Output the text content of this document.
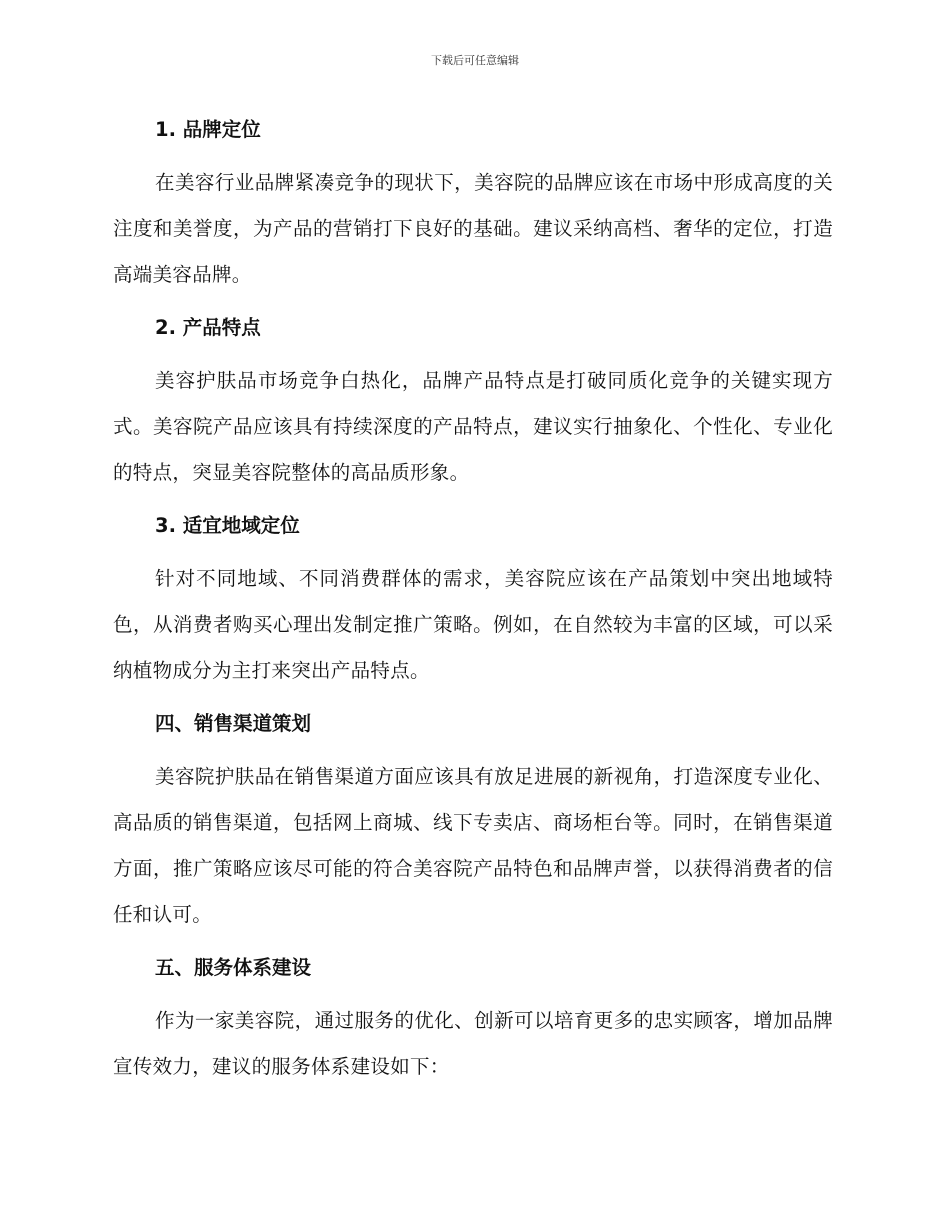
下载后可任意编辑
1. 品牌定位

在美容行业品牌紧凑竞争的现状下，美容院的品牌应该在市场中形成高度的关注度和美誉度，为产品的营销打下良好的基础。建议采纳高档、奢华的定位，打造高端美容品牌。

2. 产品特点

美容护肤品市场竞争白热化，品牌产品特点是打破同质化竞争的关键实现方式。美容院产品应该具有持续深度的产品特点，建议实行抽象化、个性化、专业化的特点，突显美容院整体的高品质形象。

3. 适宜地域定位

针对不同地域、不同消费群体的需求，美容院应该在产品策划中突出地域特色，从消费者购买心理出发制定推广策略。例如，在自然较为丰富的区域，可以采纳植物成分为主打来突出产品特点。

四、销售渠道策划

美容院护肤品在销售渠道方面应该具有放足进展的新视角，打造深度专业化、高品质的销售渠道，包括网上商城、线下专卖店、商场柜台等。同时，在销售渠道方面，推广策略应该尽可能的符合美容院产品特色和品牌声誉，以获得消费者的信任和认可。

五、服务体系建设

作为一家美容院，通过服务的优化、创新可以培育更多的忠实顾客，增加品牌宣传效力，建议的服务体系建设如下：
